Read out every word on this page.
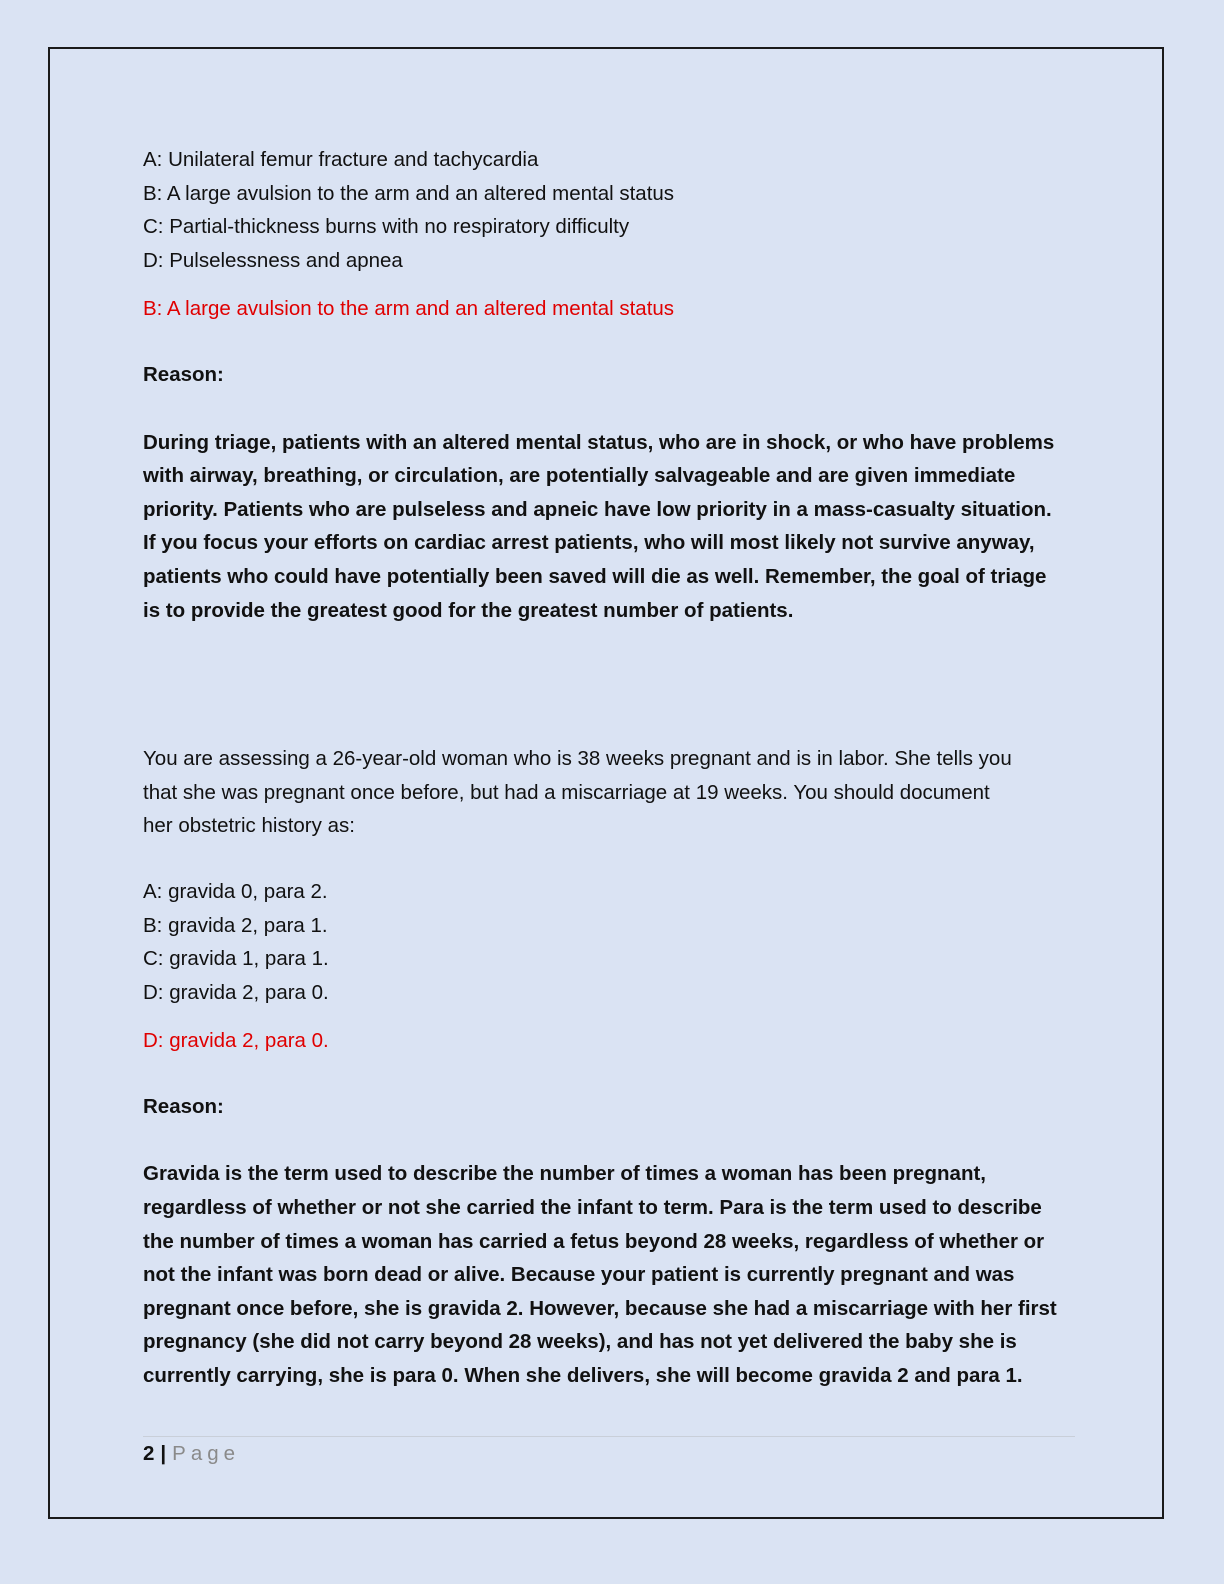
A: Unilateral femur fracture and tachycardia
B: A large avulsion to the arm and an altered mental status
C: Partial-thickness burns with no respiratory difficulty
D: Pulselessness and apnea
B: A large avulsion to the arm and an altered mental status
Reason:
During triage, patients with an altered mental status, who are in shock, or who have problems
with airway, breathing, or circulation, are potentially salvageable and are given immediate
priority. Patients who are pulseless and apneic have low priority in a mass-casualty situation.
If you focus your efforts on cardiac arrest patients, who will most likely not survive anyway,
patients who could have potentially been saved will die as well. Remember, the goal of triage
is to provide the greatest good for the greatest number of patients.
You are assessing a 26-year-old woman who is 38 weeks pregnant and is in labor. She tells you
that she was pregnant once before, but had a miscarriage at 19 weeks. You should document
her obstetric history as:
A: gravida 0, para 2.
B: gravida 2, para 1.
C: gravida 1, para 1.
D: gravida 2, para 0.
D: gravida 2, para 0.
Reason:
Gravida is the term used to describe the number of times a woman has been pregnant,
regardless of whether or not she carried the infant to term. Para is the term used to describe
the number of times a woman has carried a fetus beyond 28 weeks, regardless of whether or
not the infant was born dead or alive. Because your patient is currently pregnant and was
pregnant once before, she is gravida 2. However, because she had a miscarriage with her first
pregnancy (she did not carry beyond 28 weeks), and has not yet delivered the baby she is
currently carrying, she is para 0. When she delivers, she will become gravida 2 and para 1.
2 | Page
